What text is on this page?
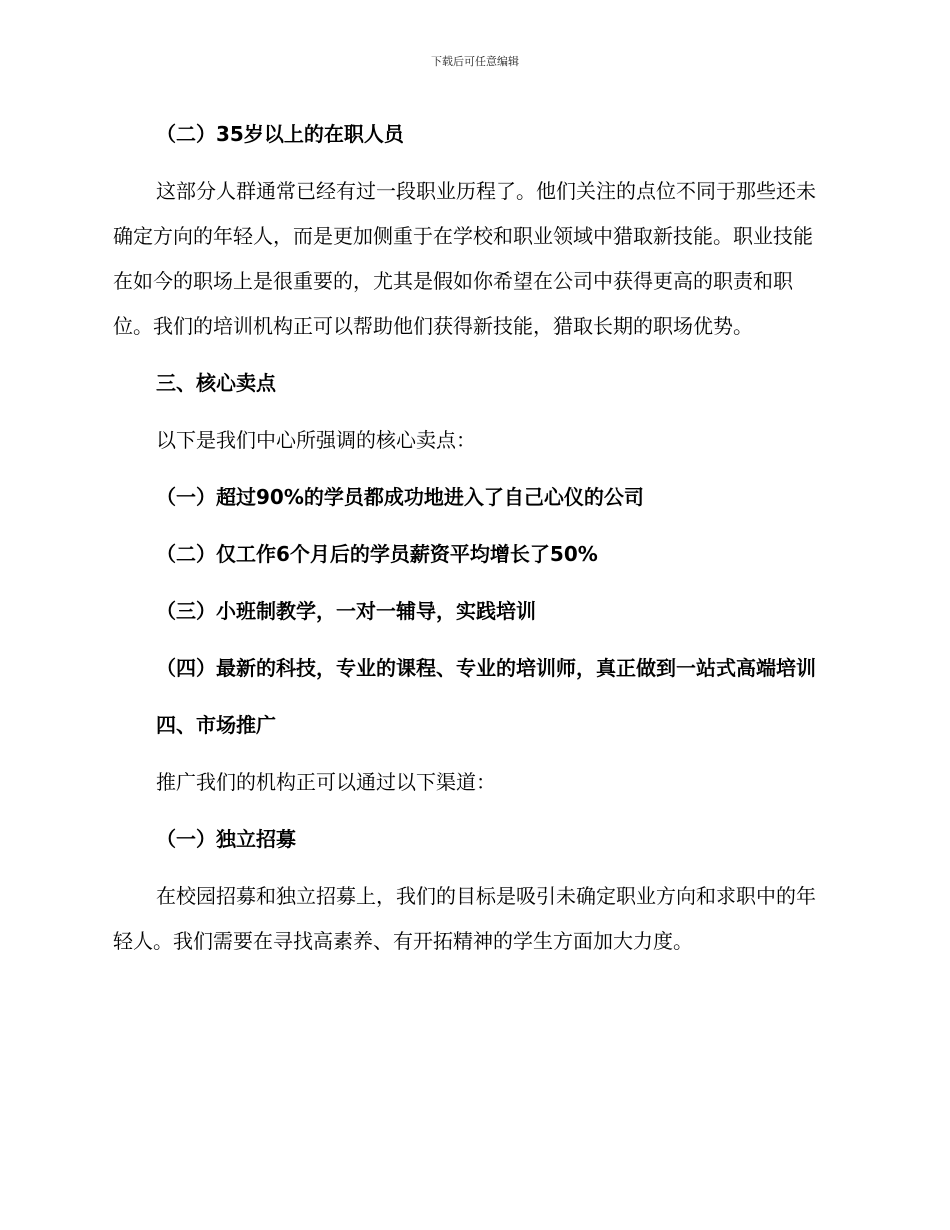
下载后可任意编辑

（二）35岁以上的在职人员

这部分人群通常已经有过一段职业历程了。他们关注的点位不同于那些还未确定方向的年轻人，而是更加侧重于在学校和职业领域中猎取新技能。职业技能在如今的职场上是很重要的，尤其是假如你希望在公司中获得更高的职责和职位。我们的培训机构正可以帮助他们获得新技能，猎取长期的职场优势。

三、核心卖点

以下是我们中心所强调的核心卖点：

（一）超过90%的学员都成功地进入了自己心仪的公司

（二）仅工作6个月后的学员薪资平均增长了50%

（三）小班制教学，一对一辅导，实践培训

（四）最新的科技，专业的课程、专业的培训师，真正做到一站式高端培训

四、市场推广

推广我们的机构正可以通过以下渠道：

（一）独立招募

在校园招募和独立招募上，我们的目标是吸引未确定职业方向和求职中的年轻人。我们需要在寻找高素养、有开拓精神的学生方面加大力度。
